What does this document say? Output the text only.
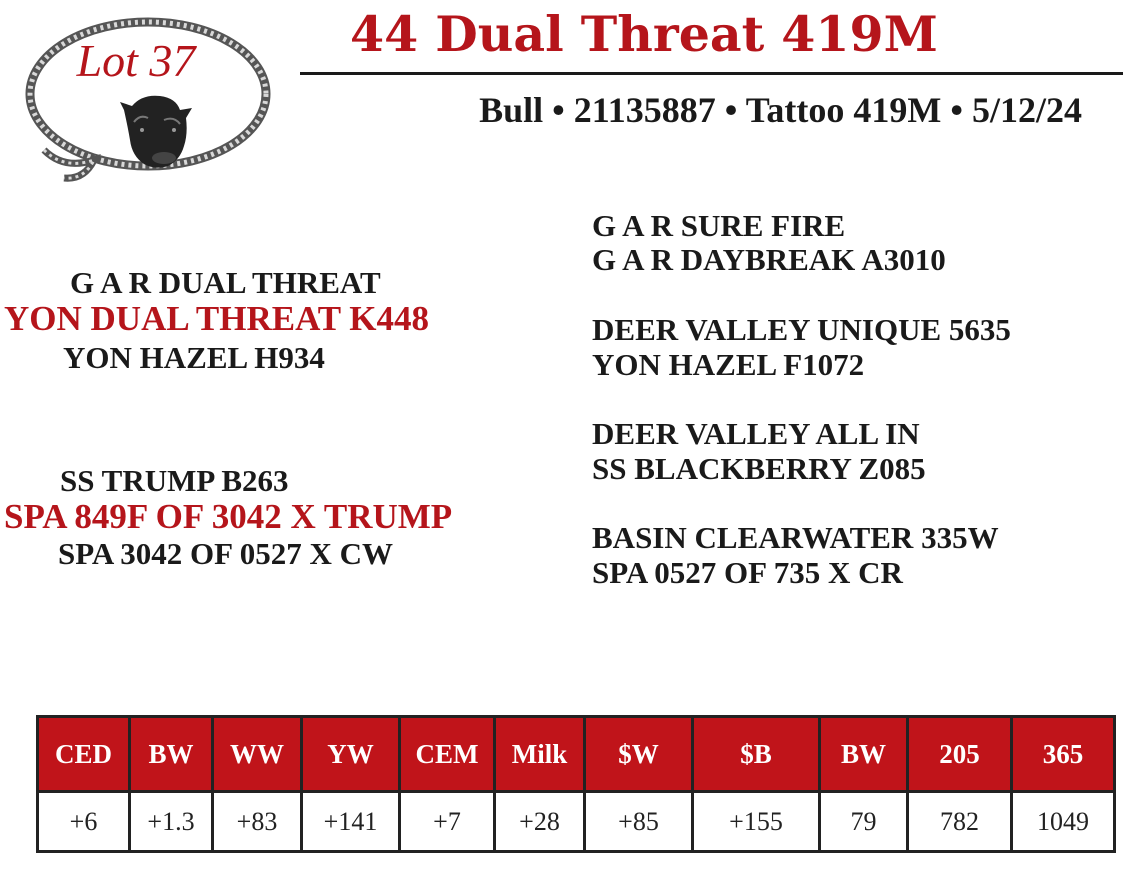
Lot 37	44 Dual Threat 419M
Bull • 21135887 • Tattoo 419M • 5/12/24
G A R DUAL THREAT
YON DUAL THREAT K448
YON HAZEL H934
SS TRUMP B263
SPA 849F OF 3042 X TRUMP
SPA 3042 OF 0527 X CW
G A R SURE FIRE
G A R DAYBREAK A3010
DEER VALLEY UNIQUE 5635
YON HAZEL F1072
DEER VALLEY ALL IN
SS BLACKBERRY Z085
BASIN CLEARWATER 335W
SPA 0527 OF 735 X CR
CED	BW	WW	YW	CEM	Milk	$W	$B	BW	205	365
+6	+1.3	+83	+141	+7	+28	+85	+155	79	782	1049
